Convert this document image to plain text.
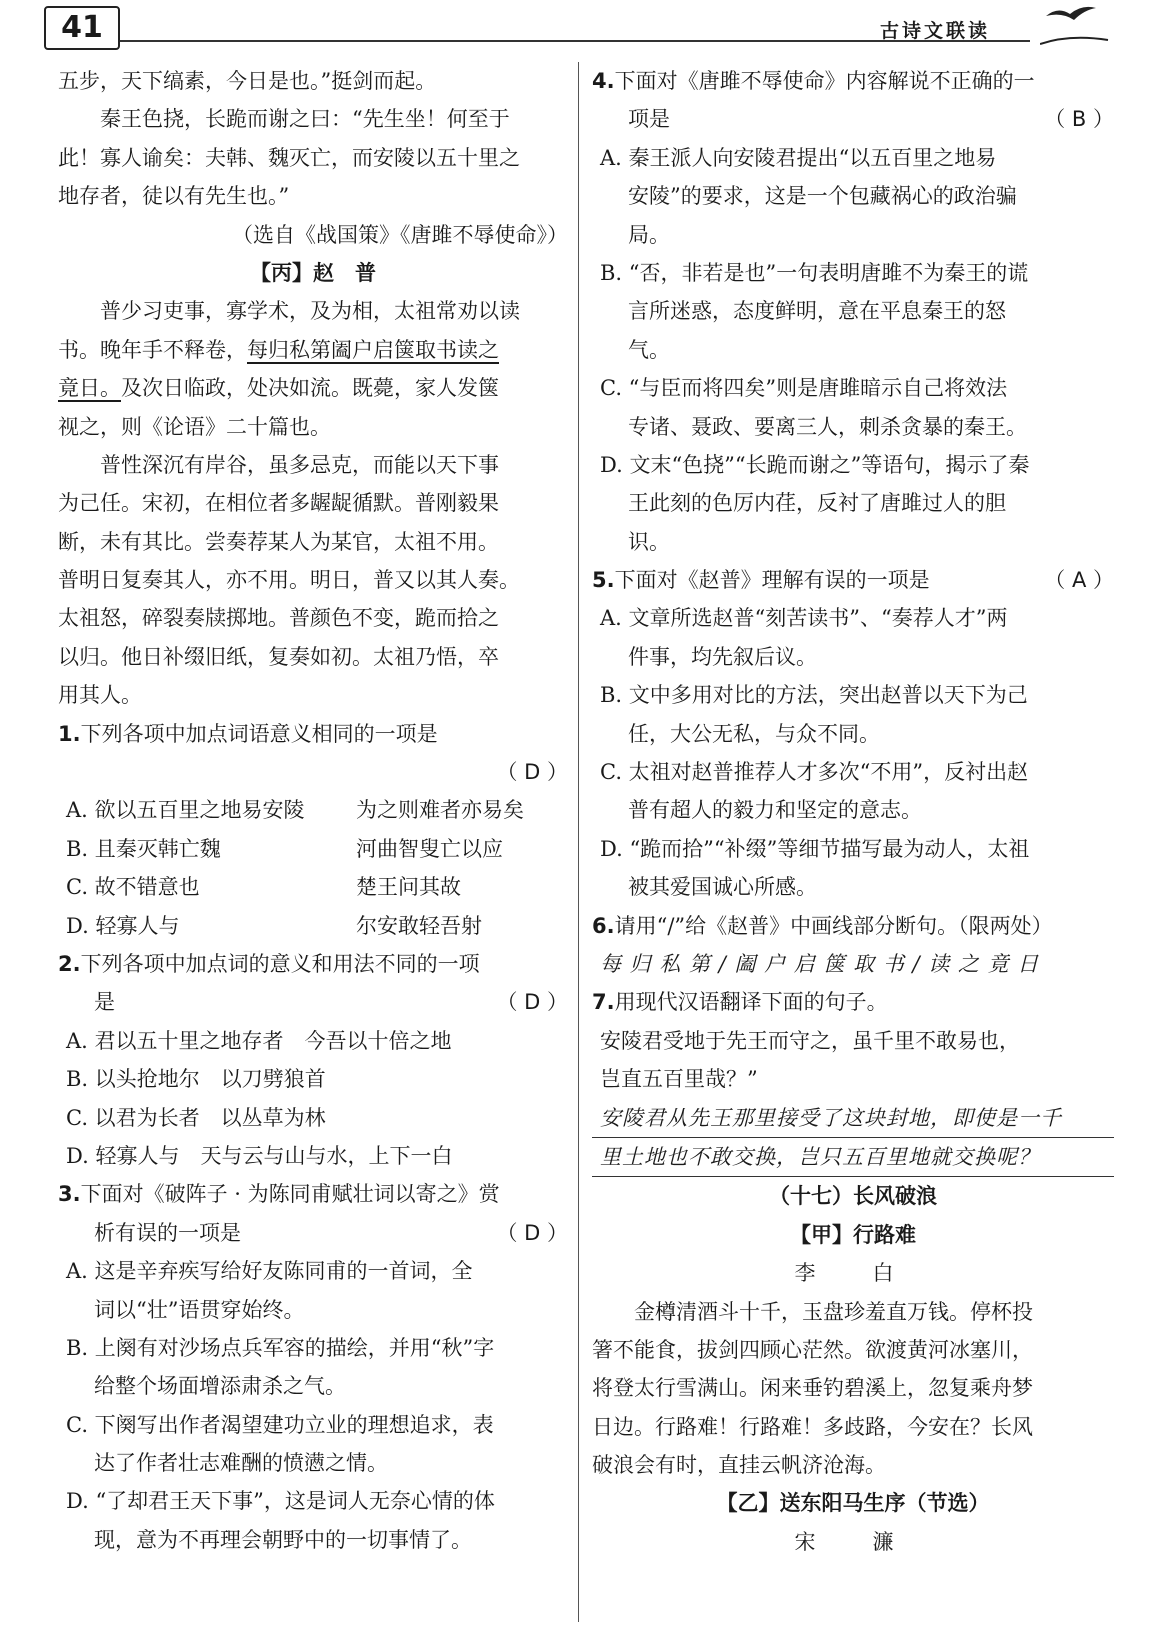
41	古诗文联读
五步，天下缟素，今日是也。”挺剑而起。
秦王色挠，长跪而谢之曰：“先生坐！何至于
此！寡人谕矣：夫韩、魏灭亡，而安陵以五十里之
地存者，徒以有先生也。”
（选自《战国策》《唐雎不辱使命》）
【丙】赵　普
普少习吏事，寡学术，及为相，太祖常劝以读
书。晚年手不释卷，每归私第阖户启箧取书读之
竟日。及次日临政，处决如流。既薨，家人发箧
视之，则《论语》二十篇也。
普性深沉有岸谷，虽多忌克，而能以天下事
为己任。宋初，在相位者多龌龊循默。普刚毅果
断，未有其比。尝奏荐某人为某官，太祖不用。
普明日复奏其人，亦不用。明日，普又以其人奏。
太祖怒，碎裂奏牍掷地。普颜色不变，跪而拾之
以归。他日补缀旧纸，复奏如初。太祖乃悟，卒
用其人。
1.下列各项中加点词语意义相同的一项是
（ D ）
A. 欲以五百里之地易安陵	为之则难者亦易矣
B. 且秦灭韩亡魏	河曲智叟亡以应
C. 故不错意也	楚王问其故
D. 轻寡人与	尔安敢轻吾射
2.下列各项中加点词的意义和用法不同的一项
是	（ D ）
A. 君以五十里之地存者　今吾以十倍之地
B. 以头抢地尔　以刀劈狼首
C. 以君为长者　以丛草为林
D. 轻寡人与　天与云与山与水，上下一白
3.下面对《破阵子 · 为陈同甫赋壮词以寄之》赏
析有误的一项是	（ D ）
A. 这是辛弃疾写给好友陈同甫的一首词，全
词以“壮”语贯穿始终。
B. 上阕有对沙场点兵军容的描绘，并用“秋”字
给整个场面增添肃杀之气。
C. 下阕写出作者渴望建功立业的理想追求，表
达了作者壮志难酬的愤懑之情。
D. “了却君王天下事”，这是词人无奈心情的体
现，意为不再理会朝野中的一切事情了。
4.下面对《唐雎不辱使命》内容解说不正确的一
项是	（ B ）
A. 秦王派人向安陵君提出“以五百里之地易
安陵”的要求，这是一个包藏祸心的政治骗
局。
B. “否，非若是也”一句表明唐雎不为秦王的谎
言所迷惑，态度鲜明，意在平息秦王的怒
气。
C. “与臣而将四矣”则是唐雎暗示自己将效法
专诸、聂政、要离三人，刺杀贪暴的秦王。
D. 文末“色挠”“长跪而谢之”等语句，揭示了秦
王此刻的色厉内荏，反衬了唐雎过人的胆
识。
5.下面对《赵普》理解有误的一项是	（ A ）
A. 文章所选赵普“刻苦读书”、“奏荐人才”两
件事，均先叙后议。
B. 文中多用对比的方法，突出赵普以天下为己
任，大公无私，与众不同。
C. 太祖对赵普推荐人才多次“不用”，反衬出赵
普有超人的毅力和坚定的意志。
D. “跪而拾”“补缀”等细节描写最为动人，太祖
被其爱国诚心所感。
6.请用“/”给《赵普》中画线部分断句。（限两处）
每 归 私 第 / 阖 户 启 箧 取 书 / 读 之 竟 日
7.用现代汉语翻译下面的句子。
安陵君受地于先王而守之，虽千里不敢易也，
岂直五百里哉？”
安陵君从先王那里接受了这块封地，即使是一千
里土地也不敢交换，岂只五百里地就交换呢？
（十七）长风破浪
【甲】行路难
李　白
金樽清酒斗十千，玉盘珍羞直万钱。停杯投
箸不能食，拔剑四顾心茫然。欲渡黄河冰塞川，
将登太行雪满山。闲来垂钓碧溪上，忽复乘舟梦
日边。行路难！行路难！多歧路，今安在？长风
破浪会有时，直挂云帆济沧海。
【乙】送东阳马生序（节选）
宋　濂
